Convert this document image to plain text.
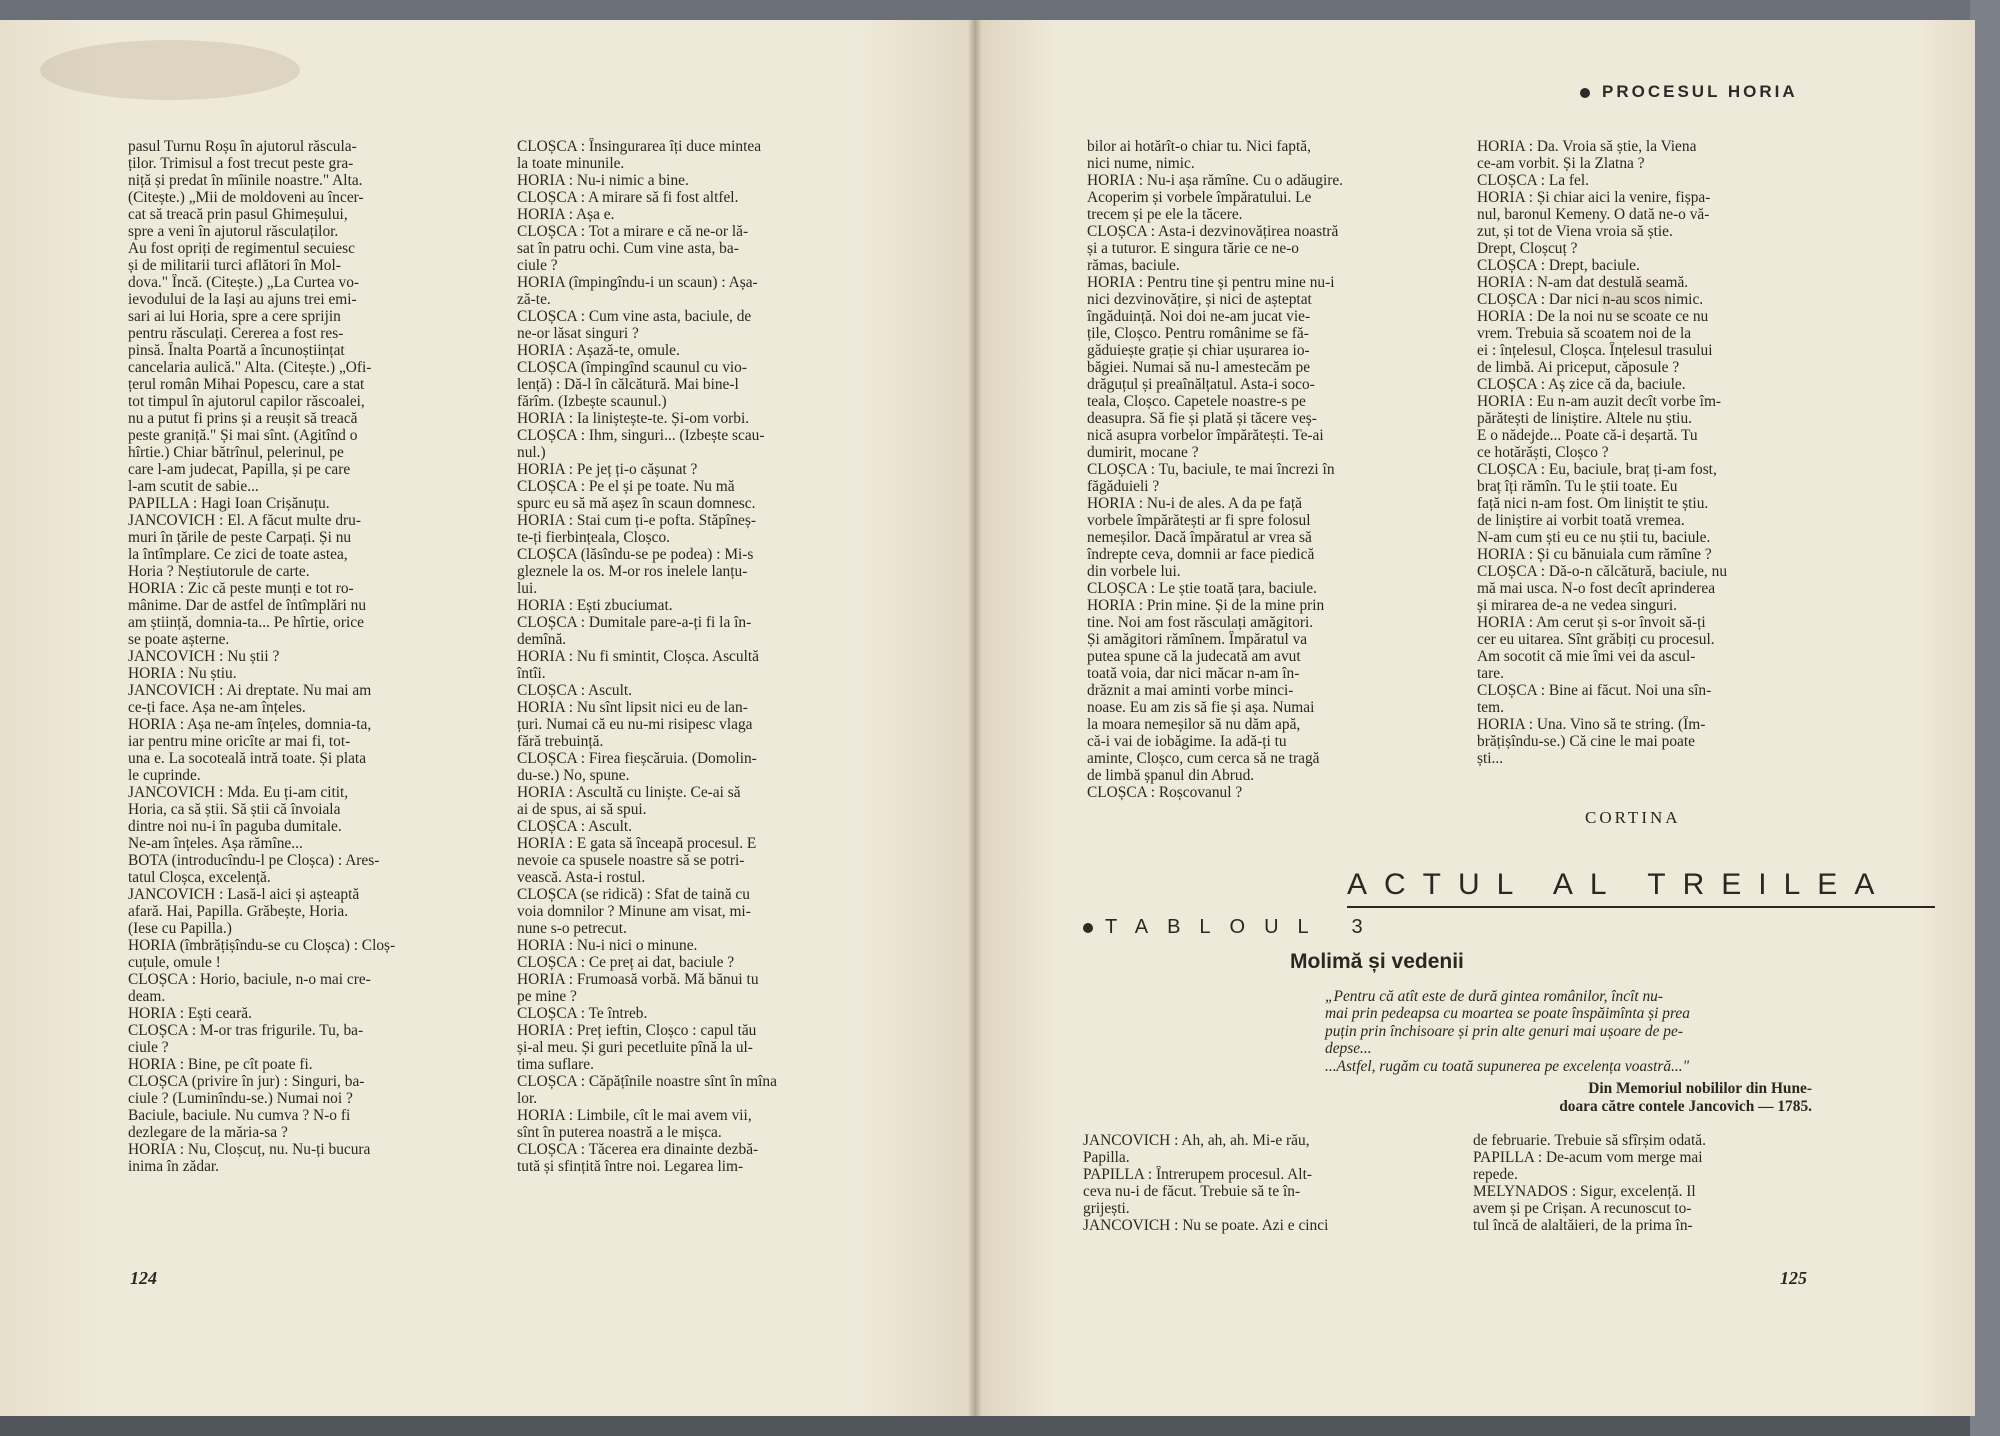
PROCESUL HORIA
pasul Turnu Roșu în ajutorul răscula-
ților. Trimisul a fost trecut peste gra-
niță și predat în mîinile noastre." Alta.
(Citește.) „Mii de moldoveni au încer-
cat să treacă prin pasul Ghimeșului,
spre a veni în ajutorul răsculaților.
Au fost opriți de regimentul secuiesc
și de militarii turci aflători în Mol-
dova." Încă. (Citește.) „La Curtea vo-
ievodului de la Iași au ajuns trei emi-
sari ai lui Horia, spre a cere sprijin
pentru răsculați. Cererea a fost res-
pinsă. Înalta Poartă a încunoștiințat
cancelaria aulică." Alta. (Citește.) „Ofi-
țerul român Mihai Popescu, care a stat
tot timpul în ajutorul capilor răscoalei,
nu a putut fi prins și a reușit să treacă
peste graniță." Și mai sînt. (Agitînd o
hîrtie.) Chiar bătrînul, pelerinul, pe
care l-am judecat, Papilla, și pe care
l-am scutit de sabie...
PAPILLA : Hagi Ioan Crișănuțu.
JANCOVICH : El. A făcut multe dru-
muri în țările de peste Carpați. Și nu
la întîmplare. Ce zici de toate astea,
Horia ? Neștiutorule de carte.
HORIA : Zic că peste munți e tot ro-
mânime. Dar de astfel de întîmplări nu
am știință, domnia-ta... Pe hîrtie, orice
se poate așterne.
JANCOVICH : Nu știi ?
HORIA : Nu știu.
JANCOVICH : Ai dreptate. Nu mai am
ce-ți face. Așa ne-am înțeles.
HORIA : Așa ne-am înțeles, domnia-ta,
iar pentru mine oricîte ar mai fi, tot-
una e. La socoteală intră toate. Și plata
le cuprinde.
JANCOVICH : Mda. Eu ți-am citit,
Horia, ca să știi. Să știi că învoiala
dintre noi nu-i în paguba dumitale.
Ne-am înțeles. Așa rămîne...
BOTA (introducîndu-l pe Cloșca) : Ares-
tatul Cloșca, excelență.
JANCOVICH : Lasă-l aici și așteaptă
afară. Hai, Papilla. Grăbește, Horia.
(Iese cu Papilla.)
HORIA (îmbrățișîndu-se cu Cloșca) : Cloș-
cuțule, omule !
CLOȘCA : Horio, baciule, n-o mai cre-
deam.
HORIA : Ești ceară.
CLOȘCA : M-or tras frigurile. Tu, ba-
ciule ?
HORIA : Bine, pe cît poate fi.
CLOȘCA (privire în jur) : Singuri, ba-
ciule ? (Luminîndu-se.) Numai noi ?
Baciule, baciule. Nu cumva ? N-o fi
dezlegare de la măria-sa ?
HORIA : Nu, Cloșcuț, nu. Nu-ți bucura
inima în zădar.
CLOȘCA : Însingurarea îți duce mintea
la toate minunile.
HORIA : Nu-i nimic a bine.
CLOȘCA : A mirare să fi fost altfel.
HORIA : Așa e.
CLOȘCA : Tot a mirare e că ne-or lă-
sat în patru ochi. Cum vine asta, ba-
ciule ?
HORIA (împingîndu-i un scaun) : Așa-
ză-te.
CLOȘCA : Cum vine asta, baciule, de
ne-or lăsat singuri ?
HORIA : Așază-te, omule.
CLOȘCA (împingînd scaunul cu vio-
lență) : Dă-l în călcătură. Mai bine-l
fărîm. (Izbește scaunul.)
HORIA : Ia liniștește-te. Și-om vorbi.
CLOȘCA : Ihm, singuri... (Izbește scau-
nul.)
HORIA : Pe jeț ți-o cășunat ?
CLOȘCA : Pe el și pe toate. Nu mă
spurc eu să mă așez în scaun domnesc.
HORIA : Stai cum ți-e pofta. Stăpînеș-
te-ți fierbințeala, Cloșco.
CLOȘCA (lăsîndu-se pe podea) : Mi-s
gleznele la os. M-or ros inelele lanțu-
lui.
HORIA : Ești zbuciumat.
CLOȘCA : Dumitale pare-a-ți fi la în-
demînă.
HORIA : Nu fi smintit, Cloșca. Ascultă
întîi.
CLOȘCA : Ascult.
HORIA : Nu sînt lipsit nici eu de lan-
țuri. Numai că eu nu-mi risipesc vlaga
fără trebuință.
CLOȘCA : Firea fieșcăruia. (Domolin-
du-se.) No, spune.
HORIA : Ascultă cu liniște. Ce-ai să
ai de spus, ai să spui.
CLOȘCA : Ascult.
HORIA : E gata să înceapă procesul. E
nevoie ca spusele noastre să se potri-
vească. Asta-i rostul.
CLOȘCA (se ridică) : Sfat de taină cu
voia domnilor ? Minune am visat, mi-
nune s-o petrecut.
HORIA : Nu-i nici o minune.
CLOȘCA : Ce preț ai dat, baciule ?
HORIA : Frumoasă vorbă. Mă bănui tu
pe mine ?
CLOȘCA : Te întreb.
HORIA : Preț ieftin, Cloșco : capul tău
și-al meu. Și guri pecetluite pînă la ul-
tima suflare.
CLOȘCA : Căpățînile noastre sînt în mîna
lor.
HORIA : Limbile, cît le mai avem vii,
sînt în puterea noastră a le mișca.
CLOȘCA : Tăcerea era dinainte dezbă-
tută și sfințită între noi. Legarea lim-
bilor ai hotărît-o chiar tu. Nici faptă,
nici nume, nimic.
HORIA : Nu-i așa rămîne. Cu o adăugire.
Acoperim și vorbele împăratului. Le
trecem și pe ele la tăcere.
CLOȘCA : Asta-i dezvinovățirea noastră
și a tuturor. E singura tărie ce ne-o
rămas, baciule.
HORIA : Pentru tine și pentru mine nu-i
nici dezvinovățire, și nici de așteptat
îngăduință. Noi doi ne-am jucat vie-
țile, Cloșco. Pentru românime se fă-
găduiește grație și chiar ușurarea io-
băgiei. Numai să nu-l amestecăm pe
drăguțul și preaînălțatul. Asta-i soco-
teala, Cloșco. Capetele noastre-s pe
deasupra. Să fie și plată și tăcere veș-
nică asupra vorbelor împărătești. Te-ai
dumirit, mocane ?
CLOȘCA : Tu, baciule, te mai încrezi în
făgăduieli ?
HORIA : Nu-i de ales. A da pe față
vorbele împărătești ar fi spre folosul
nemeșilor. Dacă împăratul ar vrea să
îndrepte ceva, domnii ar face piedică
din vorbele lui.
CLOȘCA : Le știe toată țara, baciule.
HORIA : Prin mine. Și de la mine prin
tine. Noi am fost răsculați amăgitori.
Și amăgitori rămînem. Împăratul va
putea spune că la judecată am avut
toată voia, dar nici măcar n-am în-
drăznit a mai aminti vorbe minci-
noase. Eu am zis să fie și așa. Numai
la moara nemeșilor să nu dăm apă,
că-i vai de iobăgime. Ia adă-ți tu
aminte, Cloșco, cum cerca să ne tragă
de limbă șpanul din Abrud.
CLOȘCA : Roșcovanul ?
HORIA : Da. Vroia să știe, la Viena
ce-am vorbit. Și la Zlatna ?
CLOȘCA : La fel.
HORIA : Și chiar aici la venire, fișpa-
nul, baronul Kemeny. O dată ne-o vă-
zut, și tot de Viena vroia să știe.
Drept, Cloșcuț ?
CLOȘCA : Drept, baciule.
HORIA : N-am dat destulă seamă.
CLOȘCA : Dar nici n-au scos nimic.
HORIA : De la noi nu se scoate ce nu
vrem. Trebuia să scoatem noi de la
ei : înțelesul, Cloșca. Înțelesul trasului
de limbă. Ai priceput, căposule ?
CLOȘCA : Aș zice că da, baciule.
HORIA : Eu n-am auzit decît vorbe îm-
părătești de liniștire. Altele nu știu.
E o nădejde... Poate că-i deșartă. Tu
ce hotărăști, Cloșco ?
CLOȘCA : Eu, baciule, braț ți-am fost,
braț îți rămîn. Tu le știi toate. Eu
față nici n-am fost. Om liniștit te știu.
de liniștire ai vorbit toată vremea.
N-am cum ști eu ce nu știi tu, baciule.
HORIA : Și cu bănuiala cum rămîne ?
CLOȘCA : Dă-o-n călcătură, baciule, nu
mă mai usca. N-o fost decît aprinderea
și mirarea de-a ne vedea singuri.
HORIA : Am cerut și s-or învoit să-ți
cer eu uitarea. Sînt grăbiți cu procesul.
Am socotit că mie îmi vei da ascul-
tare.
CLOȘCA : Bine ai făcut. Noi una sîn-
tem.
HORIA : Una. Vino să te string. (Îm-
brățișîndu-se.) Că cine le mai poate
ști...
CORTINA
ACTUL AL TREILEA
TABLOUL 3
Molimă și vedenii
„Pentru că atît este de dură gintea românilor, încît nu-
mai prin pedeapsa cu moartea se poate înspăimînta și prea
puțin prin închisoare și prin alte genuri mai ușoare de pe-
depse...
...Astfel, rugăm cu toată supunerea pe excelența voastră..."
Din Memoriul nobililor din Hune-
doara către contele Jancovich — 1785.
JANCOVICH : Ah, ah, ah. Mi-e rău,
Papilla.
PAPILLA : Întrerupem procesul. Alt-
ceva nu-i de făcut. Trebuie să te în-
grijești.
JANCOVICH : Nu se poate. Azi e cinci
de februarie. Trebuie să sfîrșim odată.
PAPILLA : De-acum vom merge mai
repede.
MELYNADOS : Sigur, excelență. Il
avem și pe Crișan. A recunoscut to-
tul încă de alaltăieri, de la prima în-
124	125
